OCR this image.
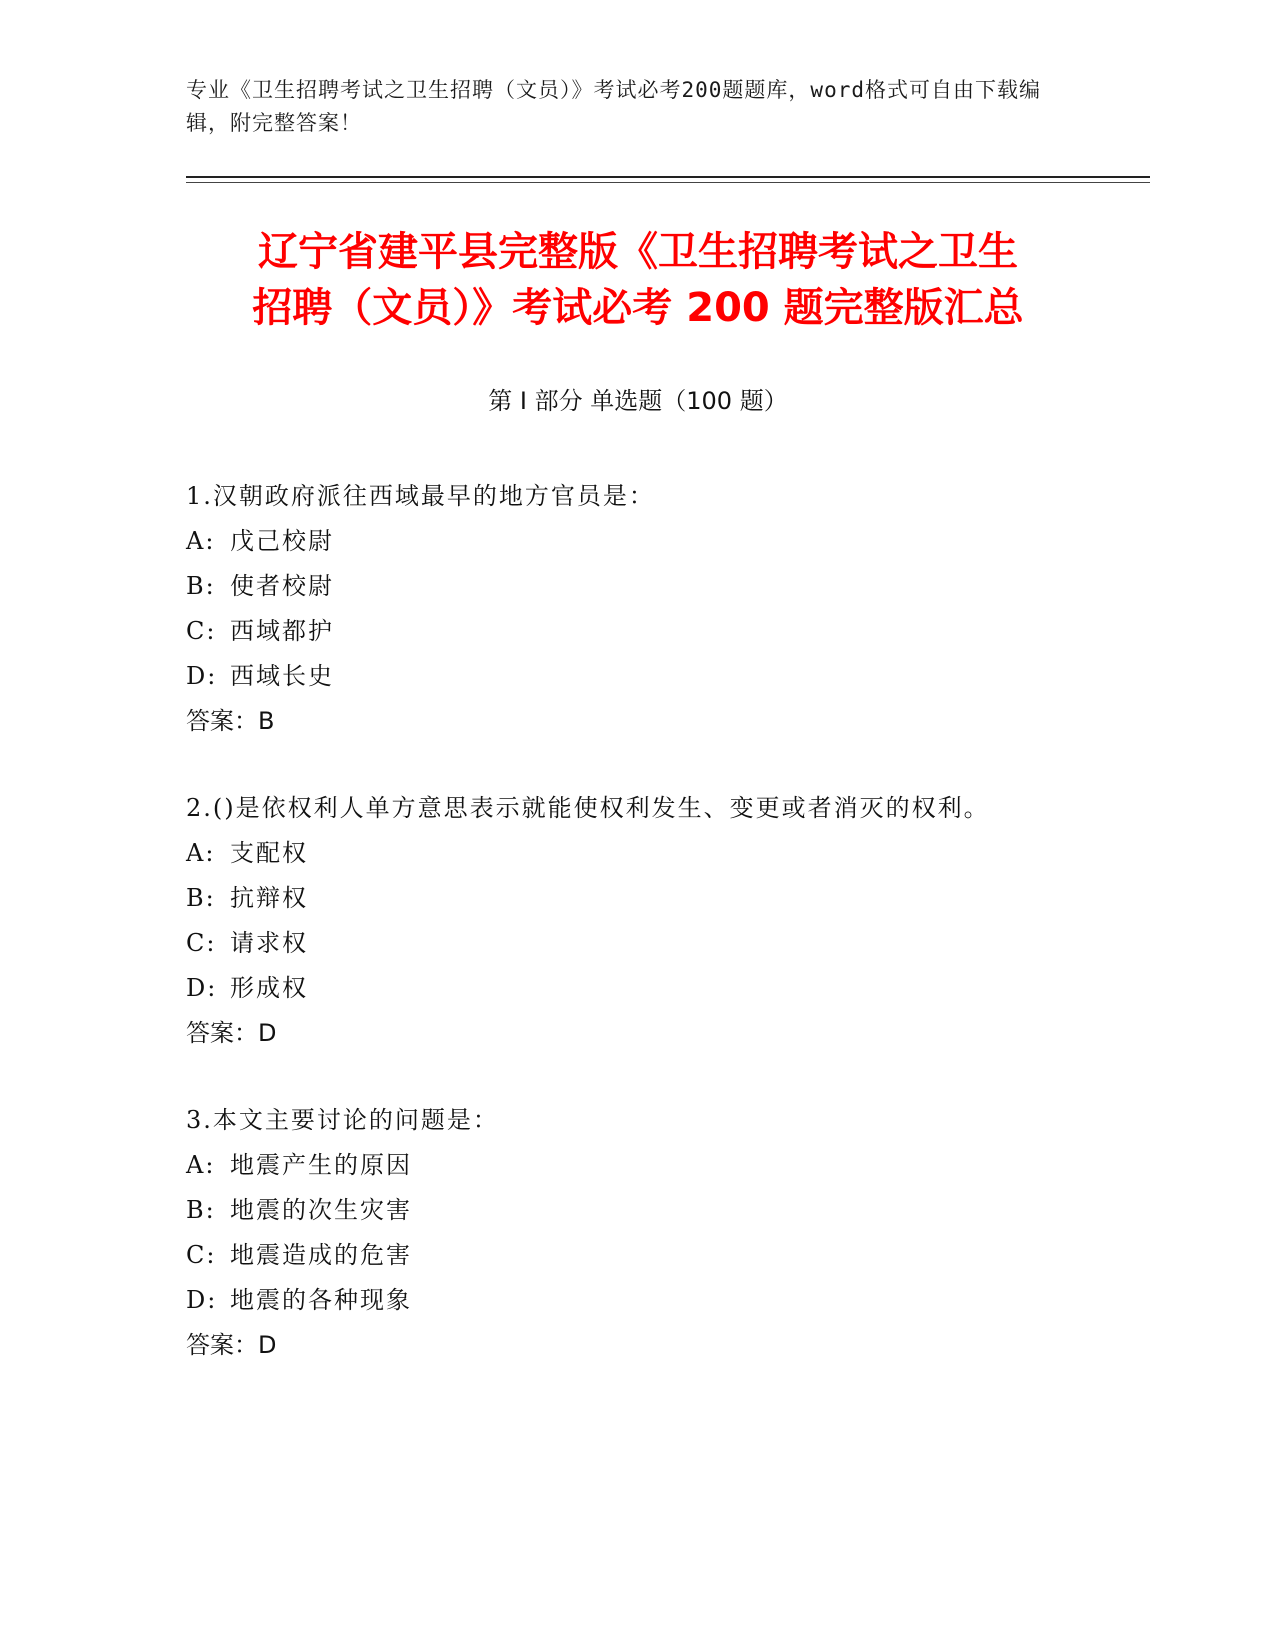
专业《卫生招聘考试之卫生招聘（文员）》考试必考200题题库，word格式可自由下载编辑，附完整答案！
辽宁省建平县完整版《卫生招聘考试之卫生
招聘（文员）》考试必考 200 题完整版汇总
第 I 部分 单选题（100 题）
1.汉朝政府派往西域最早的地方官员是：
A: 戊己校尉
B: 使者校尉
C: 西域都护
D: 西域长史
答案：B
2.()是依权利人单方意思表示就能使权利发生、变更或者消灭的权利。
A: 支配权
B: 抗辩权
C: 请求权
D: 形成权
答案：D
3.本文主要讨论的问题是：
A: 地震产生的原因
B: 地震的次生灾害
C: 地震造成的危害
D: 地震的各种现象
答案：D
